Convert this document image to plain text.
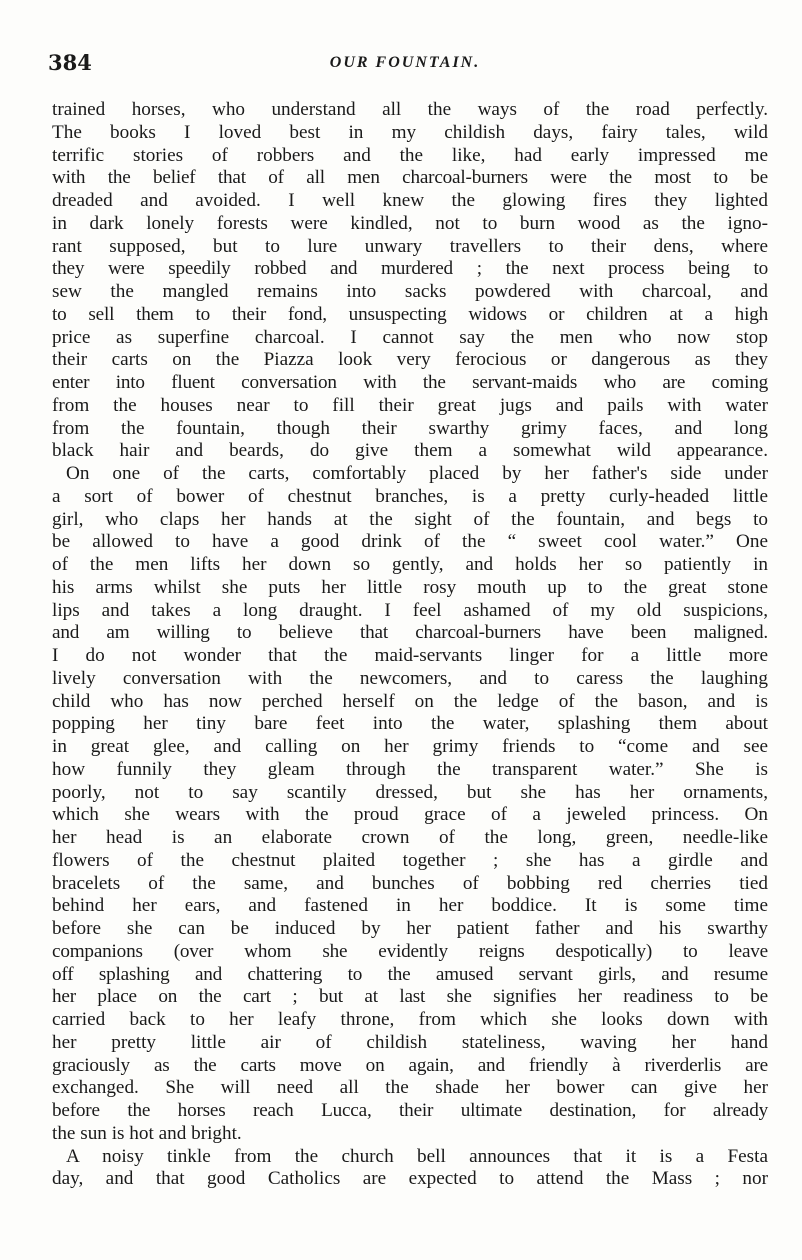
384	OUR FOUNTAIN.
trained horses, who understand all the ways of the road perfectly.
The books I loved best in my childish days, fairy tales, wild
terrific stories of robbers and the like, had early impressed me
with the belief that of all men charcoal-burners were the most to be
dreaded and avoided. I well knew the glowing fires they lighted
in dark lonely forests were kindled, not to burn wood as the igno-
rant supposed, but to lure unwary travellers to their dens, where
they were speedily robbed and murdered ; the next process being to
sew the mangled remains into sacks powdered with charcoal, and
to sell them to their fond, unsuspecting widows or children at a high
price as superfine charcoal. I cannot say the men who now stop
their carts on the Piazza look very ferocious or dangerous as they
enter into fluent conversation with the servant-maids who are coming
from the houses near to fill their great jugs and pails with water
from the fountain, though their swarthy grimy faces, and long
black hair and beards, do give them a somewhat wild appearance.
On one of the carts, comfortably placed by her father's side under
a sort of bower of chestnut branches, is a pretty curly-headed little
girl, who claps her hands at the sight of the fountain, and begs to
be allowed to have a good drink of the “ sweet cool water.” One
of the men lifts her down so gently, and holds her so patiently in
his arms whilst she puts her little rosy mouth up to the great stone
lips and takes a long draught. I feel ashamed of my old suspicions,
and am willing to believe that charcoal-burners have been maligned.
I do not wonder that the maid-servants linger for a little more
lively conversation with the newcomers, and to caress the laughing
child who has now perched herself on the ledge of the bason, and is
popping her tiny bare feet into the water, splashing them about
in great glee, and calling on her grimy friends to “come and see
how funnily they gleam through the transparent water.” She is
poorly, not to say scantily dressed, but she has her ornaments,
which she wears with the proud grace of a jeweled princess. On
her head is an elaborate crown of the long, green, needle-like
flowers of the chestnut plaited together ; she has a girdle and
bracelets of the same, and bunches of bobbing red cherries tied
behind her ears, and fastened in her boddice. It is some time
before she can be induced by her patient father and his swarthy
companions (over whom she evidently reigns despotically) to leave
off splashing and chattering to the amused servant girls, and resume
her place on the cart ; but at last she signifies her readiness to be
carried back to her leafy throne, from which she looks down with
her pretty little air of childish stateliness, waving her hand
graciously as the carts move on again, and friendly à riverderlis are
exchanged. She will need all the shade her bower can give her
before the horses reach Lucca, their ultimate destination, for already
the sun is hot and bright.
A noisy tinkle from the church bell announces that it is a Festa
day, and that good Catholics are expected to attend the Mass ; nor
